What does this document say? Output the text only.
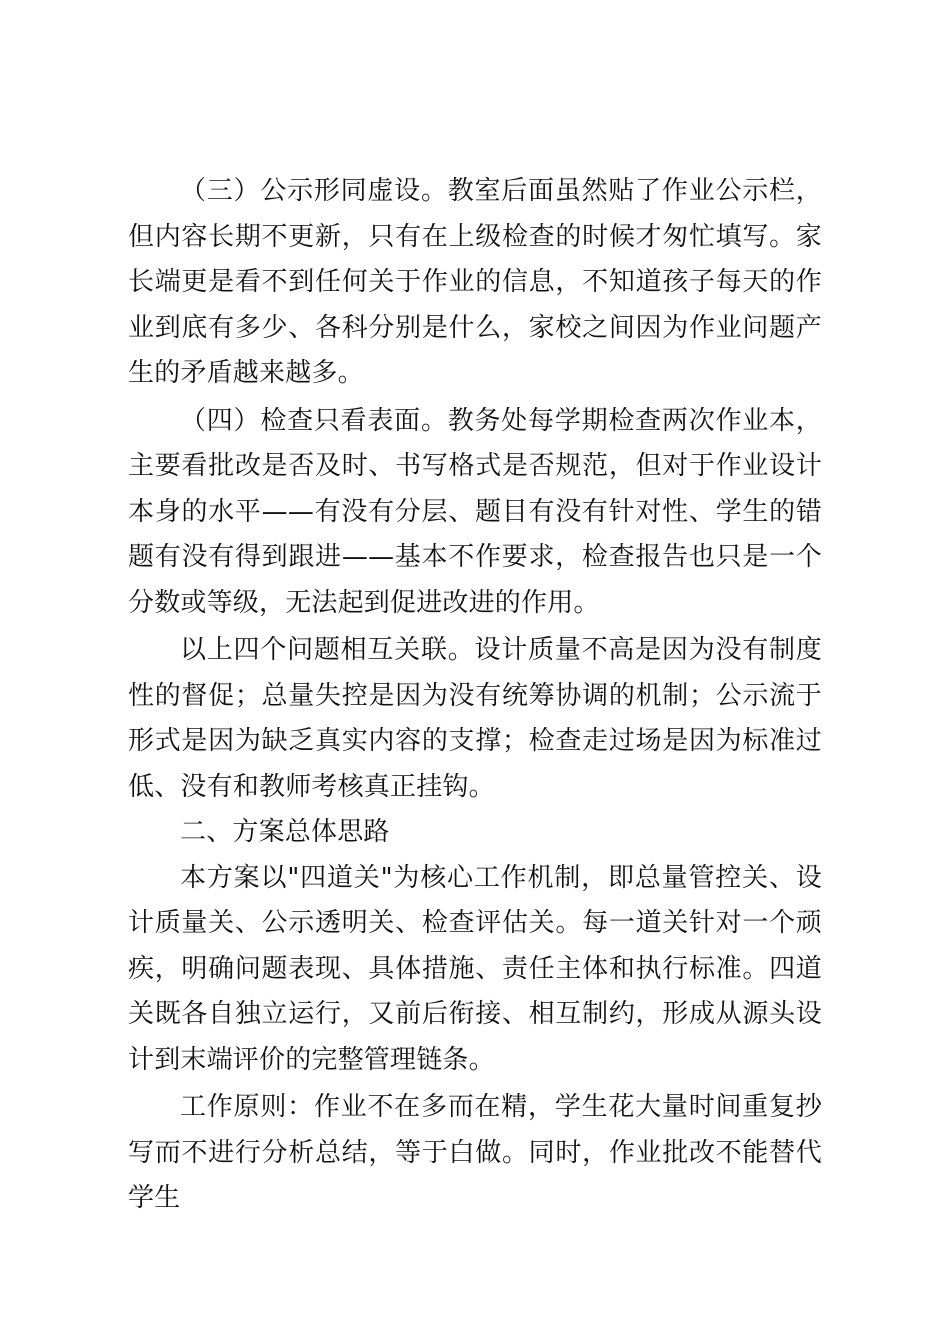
（三）公示形同虚设。教室后面虽然贴了作业公示栏，但内容长期不更新，只有在上级检查的时候才匆忙填写。家长端更是看不到任何关于作业的信息，不知道孩子每天的作业到底有多少、各科分别是什么，家校之间因为作业问题产生的矛盾越来越多。

（四）检查只看表面。教务处每学期检查两次作业本，主要看批改是否及时、书写格式是否规范，但对于作业设计本身的水平——有没有分层、题目有没有针对性、学生的错题有没有得到跟进——基本不作要求，检查报告也只是一个分数或等级，无法起到促进改进的作用。

以上四个问题相互关联。设计质量不高是因为没有制度性的督促；总量失控是因为没有统筹协调的机制；公示流于形式是因为缺乏真实内容的支撑；检查走过场是因为标准过低、没有和教师考核真正挂钩。

二、方案总体思路

本方案以"四道关"为核心工作机制，即总量管控关、设计质量关、公示透明关、检查评估关。每一道关针对一个顽疾，明确问题表现、具体措施、责任主体和执行标准。四道关既各自独立运行，又前后衔接、相互制约，形成从源头设计到末端评价的完整管理链条。

工作原则：作业不在多而在精，学生花大量时间重复抄写而不进行分析总结，等于白做。同时，作业批改不能替代学生
